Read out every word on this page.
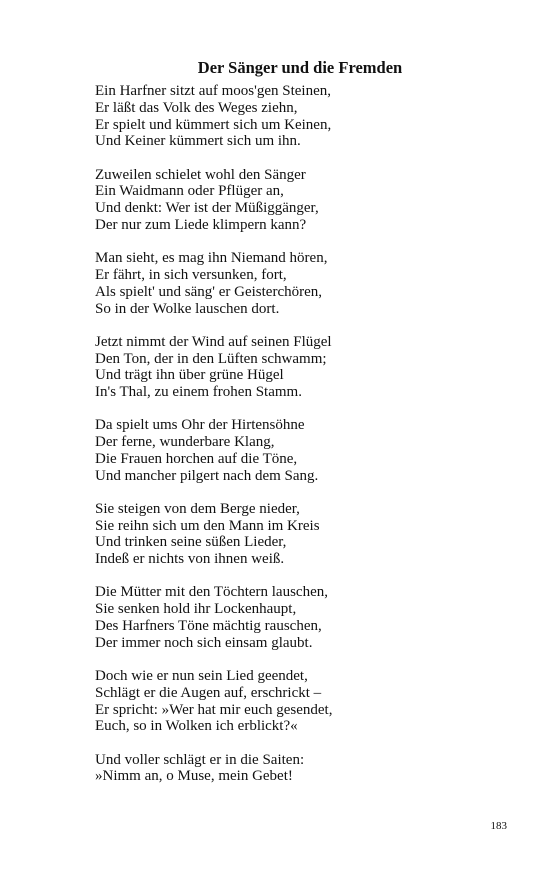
Der Sänger und die Fremden
Ein Harfner sitzt auf moos'gen Steinen,
Er läßt das Volk des Weges ziehn,
Er spielt und kümmert sich um Keinen,
Und Keiner kümmert sich um ihn.
Zuweilen schielet wohl den Sänger
Ein Waidmann oder Pflüger an,
Und denkt: Wer ist der Müßiggänger,
Der nur zum Liede klimpern kann?
Man sieht, es mag ihn Niemand hören,
Er fährt, in sich versunken, fort,
Als spielt' und säng' er Geisterchören,
So in der Wolke lauschen dort.
Jetzt nimmt der Wind auf seinen Flügel
Den Ton, der in den Lüften schwamm;
Und trägt ihn über grüne Hügel
In's Thal, zu einem frohen Stamm.
Da spielt ums Ohr der Hirtensöhne
Der ferne, wunderbare Klang,
Die Frauen horchen auf die Töne,
Und mancher pilgert nach dem Sang.
Sie steigen von dem Berge nieder,
Sie reihn sich um den Mann im Kreis
Und trinken seine süßen Lieder,
Indeß er nichts von ihnen weiß.
Die Mütter mit den Töchtern lauschen,
Sie senken hold ihr Lockenhaupt,
Des Harfners Töne mächtig rauschen,
Der immer noch sich einsam glaubt.
Doch wie er nun sein Lied geendet,
Schlägt er die Augen auf, erschrickt –
Er spricht: »Wer hat mir euch gesendet,
Euch, so in Wolken ich erblickt?«
Und voller schlägt er in die Saiten:
»Nimm an, o Muse, mein Gebet!
183
